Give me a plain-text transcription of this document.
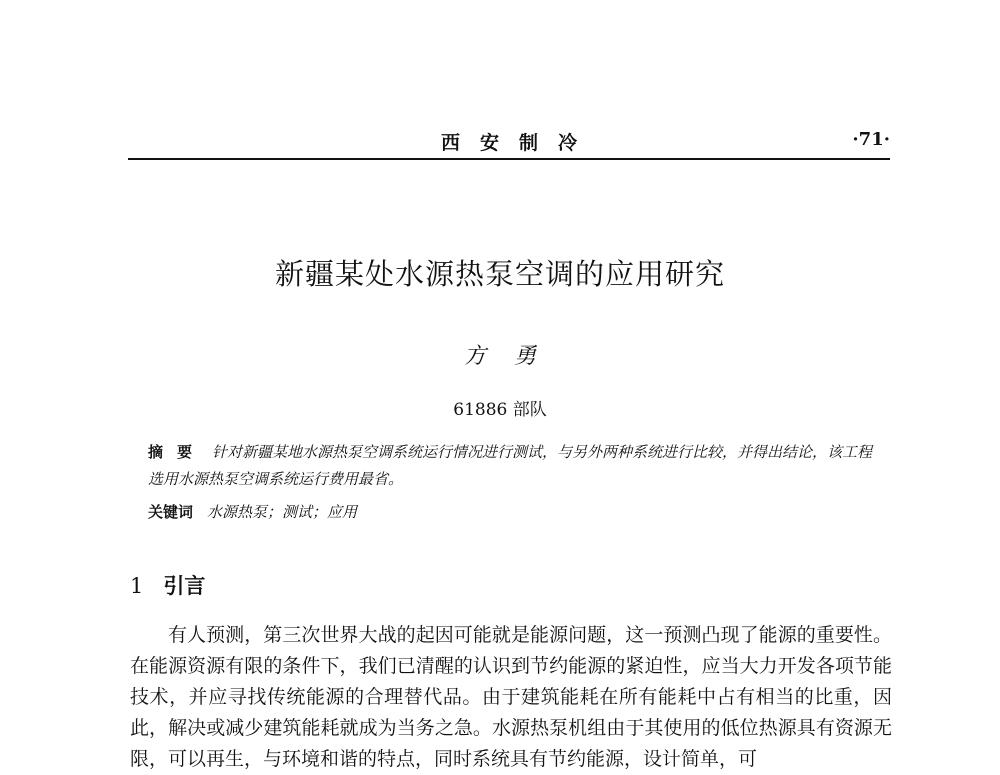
西安制冷	·71·
新疆某处水源热泵空调的应用研究
方勇
61886 部队
摘要 针对新疆某地水源热泵空调系统运行情况进行测试，与另外两种系统进行比较，并得出结论，该工程选用水源热泵空调系统运行费用最省。
关键词 水源热泵；测试；应用
1 引言
有人预测，第三次世界大战的起因可能就是能源问题，这一预测凸现了能源的重要性。在能源资源有限的条件下，我们已清醒的认识到节约能源的紧迫性，应当大力开发各项节能技术，并应寻找传统能源的合理替代品。由于建筑能耗在所有能耗中占有相当的比重，因此，解决或减少建筑能耗就成为当务之急。水源热泵机组由于其使用的低位热源具有资源无限，可以再生，与环境和谐的特点，同时系统具有节约能源，设计简单，可
